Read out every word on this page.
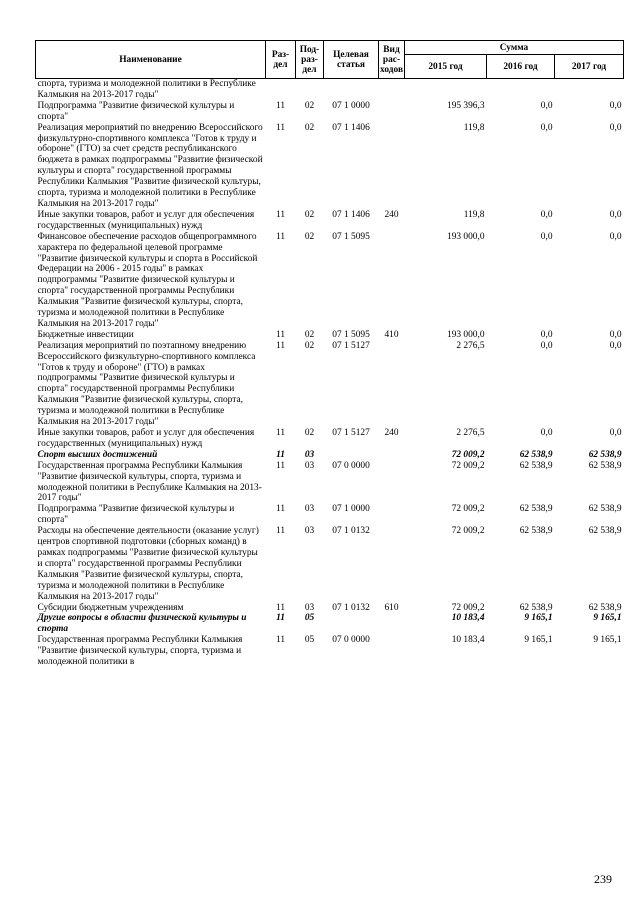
Наименование	Раз-дел	Под-раз-дел	Целевая статья	Вид рас-ходов	Сумма		
					2015 год	2016 год	2017 год
спорта, туризма и молодежной политики в Республике Калмыкия на 2013-2017 годы"							
Подпрограмма "Развитие физической культуры и спорта"	11	02	07 1 0000		195 396,3	0,0	0,0
Реализация мероприятий по внедрению Всероссийского физкультурно-спортивного комплекса "Готов к труду и обороне" (ГТО) за счет средств республиканского бюджета в рамках подпрограммы "Развитие физической культуры и спорта" государственной программы Республики Калмыкия "Развитие физической культуры, спорта, туризма и молодежной политики в Республике Калмыкия на 2013-2017 годы"	11	02	07 1 1406		119,8	0,0	0,0
Иные закупки товаров, работ и услуг для обеспечения государственных (муниципальных) нужд	11	02	07 1 1406	240	119,8	0,0	0,0
Финансовое обеспечение расходов общепрограммного характера по федеральной целевой программе "Развитие физической культуры и спорта в Российской Федерации на 2006 - 2015 годы" в рамках подпрограммы "Развитие физической культуры и спорта" государственной программы Республики Калмыкия "Развитие физической культуры, спорта, туризма и молодежной политики в Республике Калмыкия на 2013-2017 годы"	11	02	07 1 5095		193 000,0	0,0	0,0
Бюджетные инвестиции	11	02	07 1 5095	410	193 000,0	0,0	0,0
Реализация мероприятий по поэтапному внедрению Всероссийского физкультурно-спортивного комплекса "Готов к труду и обороне" (ГТО) в рамках подпрограммы "Развитие физической культуры и спорта" государственной программы Республики Калмыкия "Развитие физической культуры, спорта, туризма и молодежной политики в Республике Калмыкия на 2013-2017 годы"	11	02	07 1 5127		2 276,5	0,0	0,0
Иные закупки товаров, работ и услуг для обеспечения государственных (муниципальных) нужд	11	02	07 1 5127	240	2 276,5	0,0	0,0
Спорт высших достижений	11	03			72 009,2	62 538,9	62 538,9
Государственная программа Республики Калмыкия "Развитие физической культуры, спорта, туризма и молодежной политики в Республике Калмыкия на 2013-2017 годы"	11	03	07 0 0000		72 009,2	62 538,9	62 538,9
Подпрограмма "Развитие физической культуры и спорта"	11	03	07 1 0000		72 009,2	62 538,9	62 538,9
Расходы на обеспечение деятельности (оказание услуг) центров спортивной подготовки (сборных команд) в рамках подпрограммы "Развитие физической культуры и спорта" государственной программы Республики Калмыкия "Развитие физической культуры, спорта, туризма и молодежной политики в Республике Калмыкия на 2013-2017 годы"	11	03	07 1 0132		72 009,2	62 538,9	62 538,9
Субсидии бюджетным учреждениям	11	03	07 1 0132	610	72 009,2	62 538,9	62 538,9
Другие вопросы в области физической культуры и спорта	11	05			10 183,4	9 165,1	9 165,1
Государственная программа Республики Калмыкия "Развитие физической культуры, спорта, туризма и молодежной политики в	11	05	07 0 0000		10 183,4	9 165,1	9 165,1
239
